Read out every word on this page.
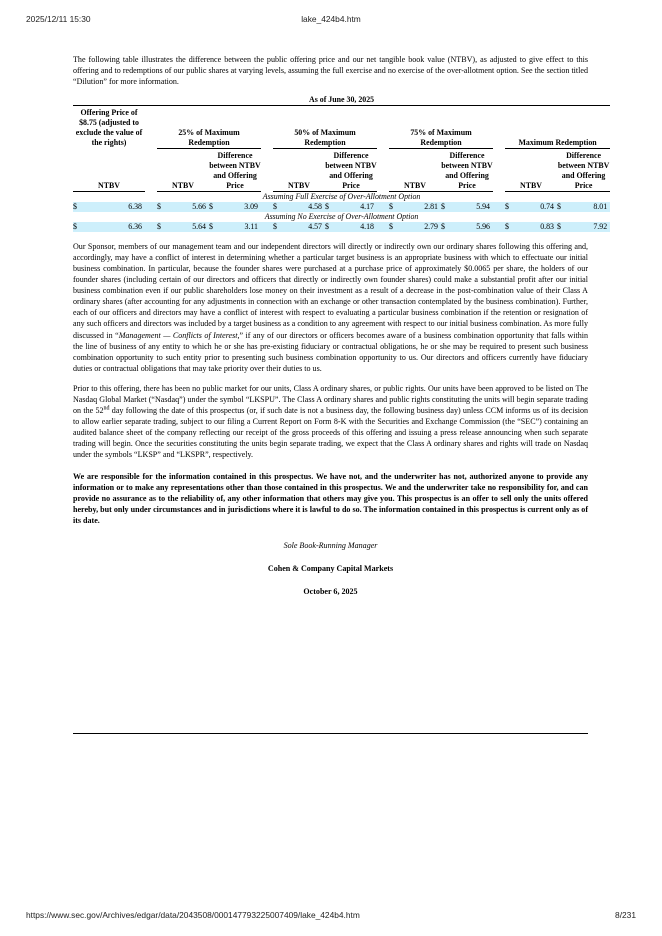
2025/12/11 15:30	lake_424b4.htm

The following table illustrates the difference between the public offering price and our net tangible book value (NTBV), as adjusted to give effect to this offering and to redemptions of our public shares at varying levels, assuming the full exercise and no exercise of the over-allotment option. See the section titled “Dilution” for more information.

As of June 30, 2025																					
Offering Price of $8.75 (adjusted to exclude the value of the rights)			25% of Maximum Redemption					50% of Maximum Redemption					75% of Maximum Redemption					Maximum Redemption			
NTBV			NTBV		Difference between NTBV and Offering Price			NTBV		Difference between NTBV and Offering Price			NTBV		Difference between NTBV and Offering Price			NTBV		Difference between NTBV and Offering Price	
Assuming Full Exercise of Over-Allotment Option																					
$	6.38		$	5.66	$	3.09		$	4.58	$	4.17		$	2.81	$	5.94		$	0.74	$	8.01
Assuming No Exercise of Over-Allotment Option																					
$	6.36		$	5.64	$	3.11		$	4.57	$	4.18		$	2.79	$	5.96		$	0.83	$	7.92

Our Sponsor, members of our management team and our independent directors will directly or indirectly own our ordinary shares following this offering and, accordingly, may have a conflict of interest in determining whether a particular target business is an appropriate business with which to effectuate our initial business combination. In particular, because the founder shares were purchased at a purchase price of approximately $0.0065 per share, the holders of our founder shares (including certain of our directors and officers that directly or indirectly own founder shares) could make a substantial profit after our initial business combination even if our public shareholders lose money on their investment as a result of a decrease in the post-combination value of their Class A ordinary shares (after accounting for any adjustments in connection with an exchange or other transaction contemplated by the business combination). Further, each of our officers and directors may have a conflict of interest with respect to evaluating a particular business combination if the retention or resignation of any such officers and directors was included by a target business as a condition to any agreement with respect to our initial business combination. As more fully discussed in “Management — Conflicts of Interest,” if any of our directors or officers becomes aware of a business combination opportunity that falls within the line of business of any entity to which he or she has pre-existing fiduciary or contractual obligations, he or she may be required to present such business combination opportunity to such entity prior to presenting such business combination opportunity to us. Our directors and officers currently have fiduciary duties or contractual obligations that may take priority over their duties to us.

Prior to this offering, there has been no public market for our units, Class A ordinary shares, or public rights. Our units have been approved to be listed on The Nasdaq Global Market (“Nasdaq”) under the symbol “LKSPU”. The Class A ordinary shares and public rights constituting the units will begin separate trading on the 52nd day following the date of this prospectus (or, if such date is not a business day, the following business day) unless CCM informs us of its decision to allow earlier separate trading, subject to our filing a Current Report on Form 8-K with the Securities and Exchange Commission (the “SEC”) containing an audited balance sheet of the company reflecting our receipt of the gross proceeds of this offering and issuing a press release announcing when such separate trading will begin. Once the securities constituting the units begin separate trading, we expect that the Class A ordinary shares and rights will trade on Nasdaq under the symbols “LKSP” and “LKSPR”, respectively.

We are responsible for the information contained in this prospectus. We have not, and the underwriter has not, authorized anyone to provide any information or to make any representations other than those contained in this prospectus. We and the underwriter take no responsibility for, and can provide no assurance as to the reliability of, any other information that others may give you. This prospectus is an offer to sell only the units offered hereby, but only under circumstances and in jurisdictions where it is lawful to do so. The information contained in this prospectus is current only as of its date.

Sole Book-Running Manager

Cohen & Company Capital Markets

October 6, 2025

https://www.sec.gov/Archives/edgar/data/2043508/000147793225007409/lake_424b4.htm	8/231
